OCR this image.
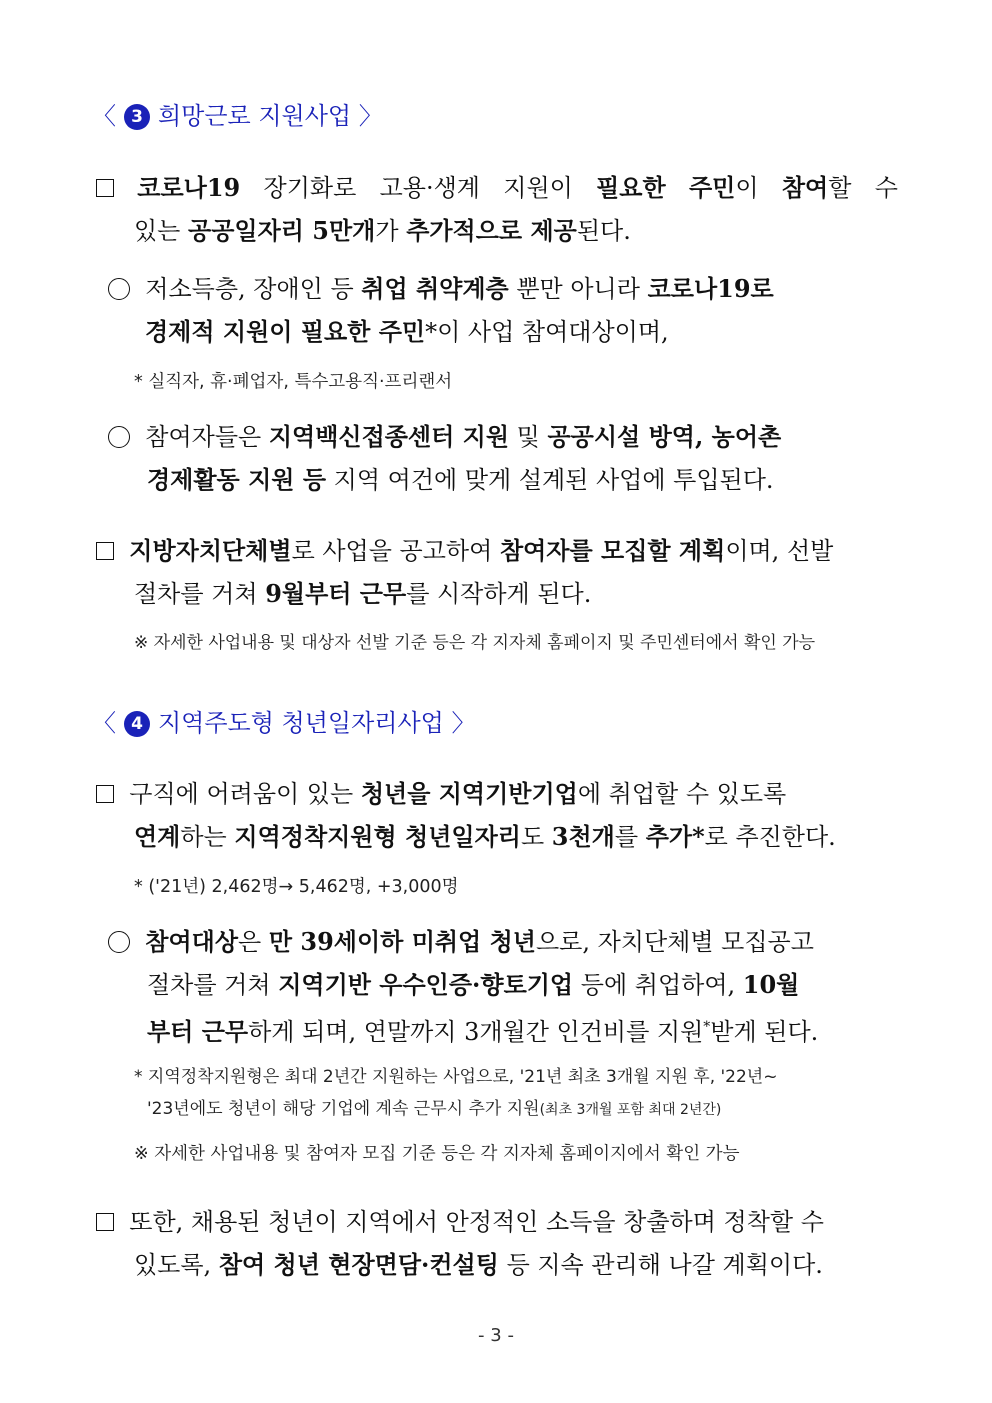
〈 3 희망근로 지원사업 〉
코로나19 장기화로 고용·생계 지원이 필요한 주민이 참여할 수
있는 공공일자리 5만개가 추가적으로 제공된다.
저소득층, 장애인 등 취업 취약계층 뿐만 아니라 코로나19로
경제적 지원이 필요한 주민*이 사업 참여대상이며,
* 실직자, 휴·폐업자, 특수고용직·프리랜서
참여자들은 지역백신접종센터 지원 및 공공시설 방역, 농어촌
경제활동 지원 등 지역 여건에 맞게 설계된 사업에 투입된다.
지방자치단체별로 사업을 공고하여 참여자를 모집할 계획이며, 선발
절차를 거쳐 9월부터 근무를 시작하게 된다.
※ 자세한 사업내용 및 대상자 선발 기준 등은 각 지자체 홈페이지 및 주민센터에서 확인 가능
〈 4 지역주도형 청년일자리사업 〉
구직에 어려움이 있는 청년을 지역기반기업에 취업할 수 있도록
연계하는 지역정착지원형 청년일자리도 3천개를 추가*로 추진한다.
* ('21년) 2,462명→ 5,462명, +3,000명
참여대상은 만 39세이하 미취업 청년으로, 자치단체별 모집공고
절차를 거쳐 지역기반 우수인증·향토기업 등에 취업하여, 10월
부터 근무하게 되며, 연말까지 3개월간 인건비를 지원*받게 된다.
* 지역정착지원형은 최대 2년간 지원하는 사업으로, '21년 최초 3개월 지원 후, '22년~
'23년에도 청년이 해당 기업에 계속 근무시 추가 지원(최초 3개월 포함 최대 2년간)
※ 자세한 사업내용 및 참여자 모집 기준 등은 각 지자체 홈페이지에서 확인 가능
또한, 채용된 청년이 지역에서 안정적인 소득을 창출하며 정착할 수
있도록, 참여 청년 현장면담·컨설팅 등 지속 관리해 나갈 계획이다.
- 3 -
